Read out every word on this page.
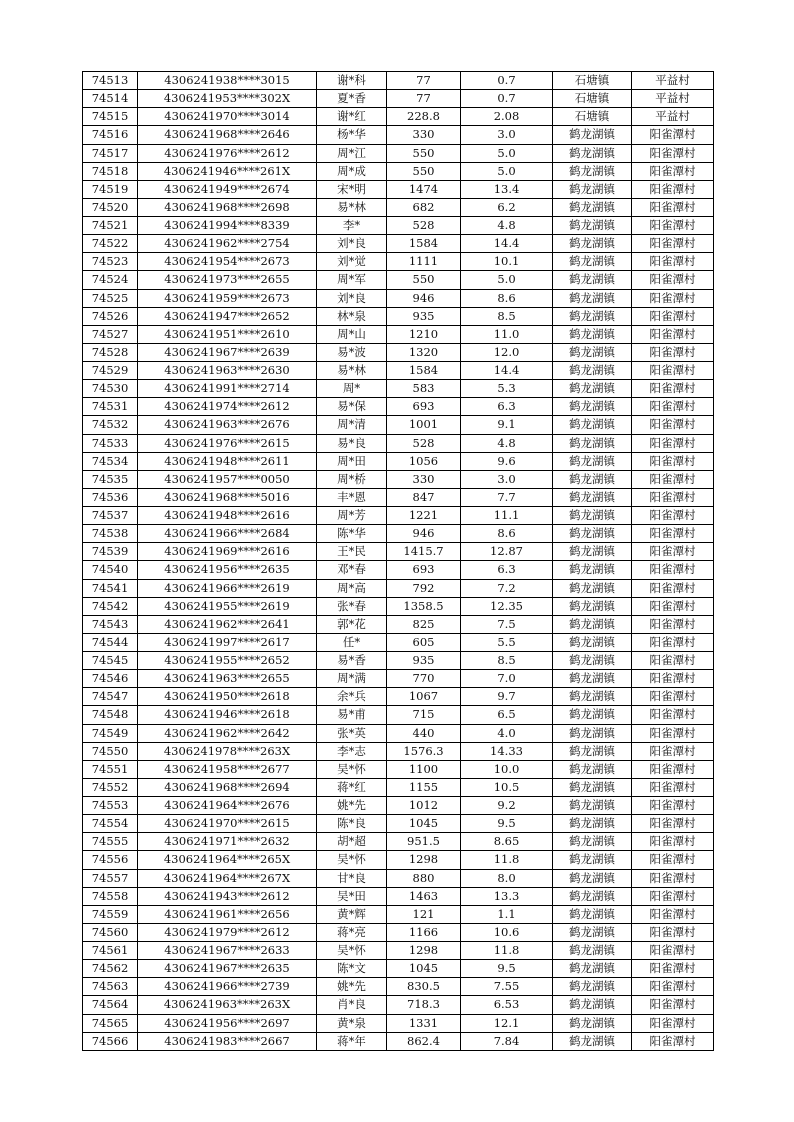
74513	4306241938****3015	谢*科	77	0.7	石塘镇	平益村
74514	4306241953****302X	夏*香	77	0.7	石塘镇	平益村
74515	4306241970****3014	谢*红	228.8	2.08	石塘镇	平益村
74516	4306241968****2646	杨*华	330	3.0	鹤龙湖镇	阳雀潭村
74517	4306241976****2612	周*江	550	5.0	鹤龙湖镇	阳雀潭村
74518	4306241946****261X	周*成	550	5.0	鹤龙湖镇	阳雀潭村
74519	4306241949****2674	宋*明	1474	13.4	鹤龙湖镇	阳雀潭村
74520	4306241968****2698	易*林	682	6.2	鹤龙湖镇	阳雀潭村
74521	4306241994****8339	李*	528	4.8	鹤龙湖镇	阳雀潭村
74522	4306241962****2754	刘*良	1584	14.4	鹤龙湖镇	阳雀潭村
74523	4306241954****2673	刘*觉	1111	10.1	鹤龙湖镇	阳雀潭村
74524	4306241973****2655	周*军	550	5.0	鹤龙湖镇	阳雀潭村
74525	4306241959****2673	刘*良	946	8.6	鹤龙湖镇	阳雀潭村
74526	4306241947****2652	林*泉	935	8.5	鹤龙湖镇	阳雀潭村
74527	4306241951****2610	周*山	1210	11.0	鹤龙湖镇	阳雀潭村
74528	4306241967****2639	易*波	1320	12.0	鹤龙湖镇	阳雀潭村
74529	4306241963****2630	易*林	1584	14.4	鹤龙湖镇	阳雀潭村
74530	4306241991****2714	周*	583	5.3	鹤龙湖镇	阳雀潭村
74531	4306241974****2612	易*保	693	6.3	鹤龙湖镇	阳雀潭村
74532	4306241963****2676	周*清	1001	9.1	鹤龙湖镇	阳雀潭村
74533	4306241976****2615	易*良	528	4.8	鹤龙湖镇	阳雀潭村
74534	4306241948****2611	周*田	1056	9.6	鹤龙湖镇	阳雀潭村
74535	4306241957****0050	周*桥	330	3.0	鹤龙湖镇	阳雀潭村
74536	4306241968****5016	丰*恩	847	7.7	鹤龙湖镇	阳雀潭村
74537	4306241948****2616	周*芳	1221	11.1	鹤龙湖镇	阳雀潭村
74538	4306241966****2684	陈*华	946	8.6	鹤龙湖镇	阳雀潭村
74539	4306241969****2616	王*民	1415.7	12.87	鹤龙湖镇	阳雀潭村
74540	4306241956****2635	邓*春	693	6.3	鹤龙湖镇	阳雀潭村
74541	4306241966****2619	周*高	792	7.2	鹤龙湖镇	阳雀潭村
74542	4306241955****2619	张*春	1358.5	12.35	鹤龙湖镇	阳雀潭村
74543	4306241962****2641	郭*花	825	7.5	鹤龙湖镇	阳雀潭村
74544	4306241997****2617	任*	605	5.5	鹤龙湖镇	阳雀潭村
74545	4306241955****2652	易*香	935	8.5	鹤龙湖镇	阳雀潭村
74546	4306241963****2655	周*满	770	7.0	鹤龙湖镇	阳雀潭村
74547	4306241950****2618	余*兵	1067	9.7	鹤龙湖镇	阳雀潭村
74548	4306241946****2618	易*甫	715	6.5	鹤龙湖镇	阳雀潭村
74549	4306241962****2642	张*英	440	4.0	鹤龙湖镇	阳雀潭村
74550	4306241978****263X	李*志	1576.3	14.33	鹤龙湖镇	阳雀潭村
74551	4306241958****2677	吴*怀	1100	10.0	鹤龙湖镇	阳雀潭村
74552	4306241968****2694	蒋*红	1155	10.5	鹤龙湖镇	阳雀潭村
74553	4306241964****2676	姚*先	1012	9.2	鹤龙湖镇	阳雀潭村
74554	4306241970****2615	陈*良	1045	9.5	鹤龙湖镇	阳雀潭村
74555	4306241971****2632	胡*超	951.5	8.65	鹤龙湖镇	阳雀潭村
74556	4306241964****265X	吴*怀	1298	11.8	鹤龙湖镇	阳雀潭村
74557	4306241964****267X	甘*良	880	8.0	鹤龙湖镇	阳雀潭村
74558	4306241943****2612	吴*田	1463	13.3	鹤龙湖镇	阳雀潭村
74559	4306241961****2656	黄*辉	121	1.1	鹤龙湖镇	阳雀潭村
74560	4306241979****2612	蒋*亮	1166	10.6	鹤龙湖镇	阳雀潭村
74561	4306241967****2633	吴*怀	1298	11.8	鹤龙湖镇	阳雀潭村
74562	4306241967****2635	陈*文	1045	9.5	鹤龙湖镇	阳雀潭村
74563	4306241966****2739	姚*先	830.5	7.55	鹤龙湖镇	阳雀潭村
74564	4306241963****263X	肖*良	718.3	6.53	鹤龙湖镇	阳雀潭村
74565	4306241956****2697	黄*泉	1331	12.1	鹤龙湖镇	阳雀潭村
74566	4306241983****2667	蒋*年	862.4	7.84	鹤龙湖镇	阳雀潭村
